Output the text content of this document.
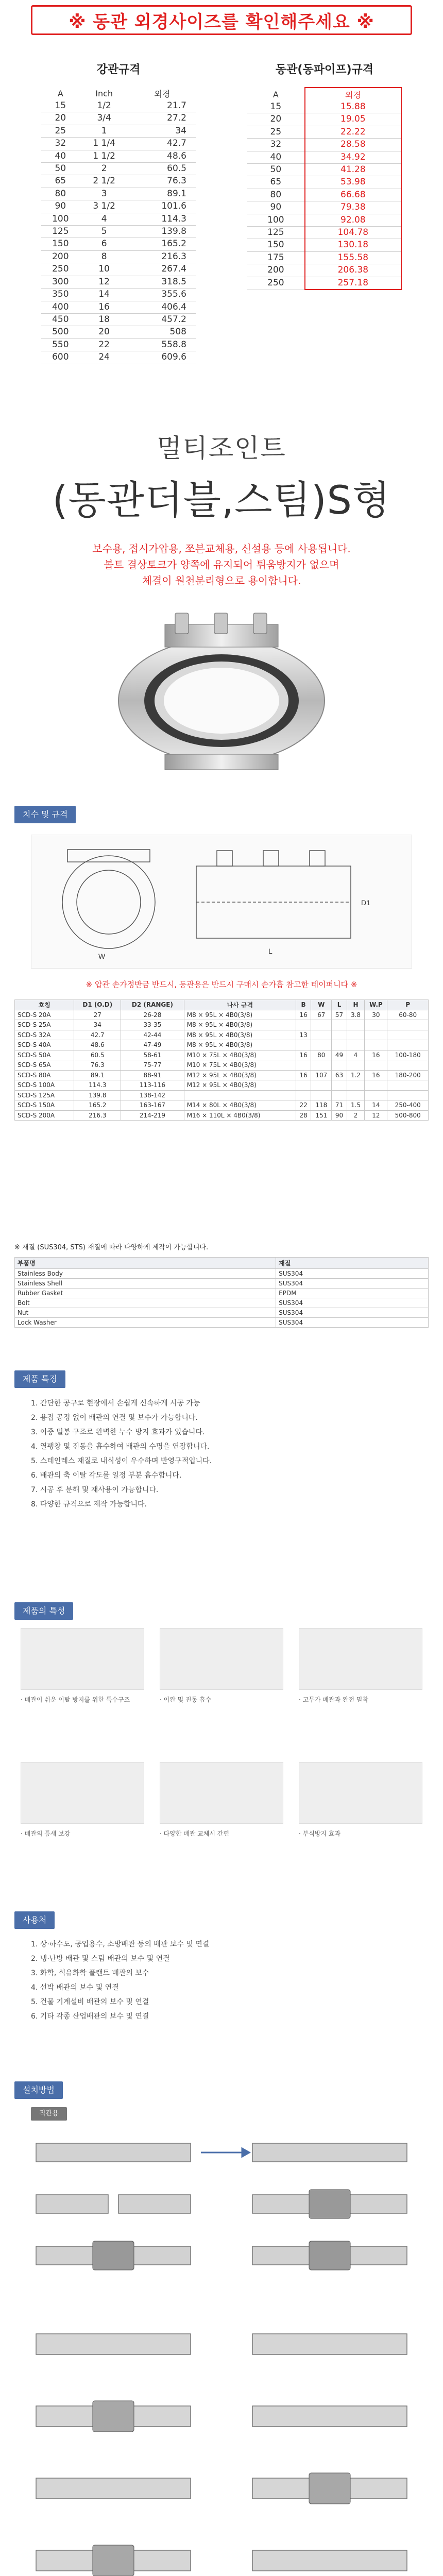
※ 동관 외경사이즈를 확인해주세요 ※
강관규격
A	Inch	외경
15	1/2	21.7
20	3/4	27.2
25	1	34
32	1 1/4	42.7
40	1 1/2	48.6
50	2	60.5
65	2 1/2	76.3
80	3	89.1
90	3 1/2	101.6
100	4	114.3
125	5	139.8
150	6	165.2
200	8	216.3
250	10	267.4
300	12	318.5
350	14	355.6
400	16	406.4
450	18	457.2
500	20	508
550	22	558.8
600	24	609.6
동관(동파이프)규격
A	외경
15	15.88
20	19.05
25	22.22
32	28.58
40	34.92
50	41.28
65	53.98
80	66.68
90	79.38
100	92.08
125	104.78
150	130.18
175	155.58
200	206.38
250	257.18
멀티조인트
(동관더블,스팀)S형
보수용, 접시가압용, 쪼븐교체용, 신설용 등에 사용됩니다.
볼트 결상토크가 양쪽에 유지되어 튀움방지가 없으며
체결이 원천분리형으로 용이합니다.
치수 및 규격
D1
L
W
※ 압관 손가정반금 반드시, 동관용은 반드시 구매시 손가흡 참고한 테이퍼니다 ※
호칭	D1 (O.D)	D2 (RANGE)	나사 규격	B	W	L	H	W.P	P
SCD-S 20A	27	26-28	M8 × 95L × 4B0(3/8)	16	67	57	3.8	30	60-80
SCD-S 25A	34	33-35	M8 × 95L × 4B0(3/8)						
SCD-S 32A	42.7	42-44	M8 × 95L × 4B0(3/8)	13					
SCD-S 40A	48.6	47-49	M8 × 95L × 4B0(3/8)						
SCD-S 50A	60.5	58-61	M10 × 75L × 4B0(3/8)	16	80	49	4	16	100-180
SCD-S 65A	76.3	75-77	M10 × 75L × 4B0(3/8)						
SCD-S 80A	89.1	88-91	M12 × 95L × 4B0(3/8)	16	107	63	1.2	16	180-200
SCD-S 100A	114.3	113-116	M12 × 95L × 4B0(3/8)						
SCD-S 125A	139.8	138-142							
SCD-S 150A	165.2	163-167	M14 × 80L × 4B0(3/8)	22	118	71	1.5	14	250-400
SCD-S 200A	216.3	214-219	M16 × 110L × 4B0(3/8)	28	151	90	2	12	500-800
※ 재질 (SUS304, STS) 재질에 따라 다양하게 제작이 가능합니다.
부품명	재질
Stainless Body	SUS304
Stainless Shell	SUS304
Rubber Gasket	EPDM
Bolt	SUS304
Nut	SUS304
Lock Washer	SUS304
제품 특징
1. 간단한 공구로 현장에서 손쉽게 신속하게 시공 가능
2. 용접 공정 없이 배관의 연결 및 보수가 가능합니다.
3. 이중 밀봉 구조로 완벽한 누수 방지 효과가 있습니다.
4. 열팽창 및 진동을 흡수하여 배관의 수명을 연장합니다.
5. 스테인레스 재질로 내식성이 우수하며 반영구적입니다.
6. 배관의 축 이탈 각도를 일정 부분 흡수합니다.
7. 시공 후 분해 및 재사용이 가능합니다.
8. 다양한 규격으로 제작 가능합니다.
제품의 특성
· 배관이 쉬운 이탈 방지를 위한 특수구조	· 이완 및 진동 흡수	· 고무가 배관과 완전 밀착
· 배관의 틈새 보강	· 다양한 배관 교체시 간편	· 부식방지 효과
사용처
1. 상·하수도, 공업용수, 소방배관 등의 배관 보수 및 연결
2. 냉·난방 배관 및 스팀 배관의 보수 및 연결
3. 화학, 석유화학 플랜트 배관의 보수
4. 선박 배관의 보수 및 연결
5. 건물 기계설비 배관의 보수 및 연결
6. 기타 각종 산업배관의 보수 및 연결
설치방법
직관용
